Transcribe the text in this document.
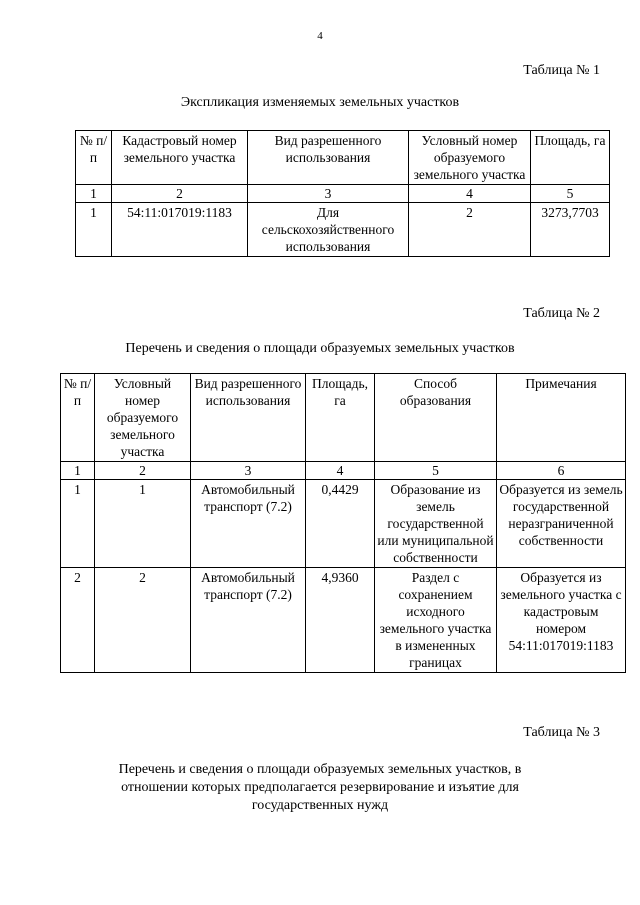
4
Таблица № 1
Экспликация изменяемых земельных участков
№ п/п	Кадастровый номер земельного участка	Вид разрешенного использования	Условный номер образуемого земельного участка	Площадь, га
1	2	3	4	5
1	54:11:017019:1183	Для сельскохозяйственного использования	2	3273,7703
Таблица № 2
Перечень и сведения о площади образуемых земельных участков
№ п/п	Условный номер образуемого земельного участка	Вид разрешенного использования	Площадь, га	Способ образования	Примечания
1	2	3	4	5	6
1	1	Автомобильный транспорт (7.2)	0,4429	Образование из земель государственной или муниципальной собственности	Образуется из земель государственной неразграниченной собственности
2	2	Автомобильный транспорт (7.2)	4,9360	Раздел с сохранением исходного земельного участка в измененных границах	Образуется из земельного участка с кадастровым номером 54:11:017019:1183
Таблица № 3
Перечень и сведения о площади образуемых земельных участков, в
отношении которых предполагается резервирование и изъятие для
государственных нужд
